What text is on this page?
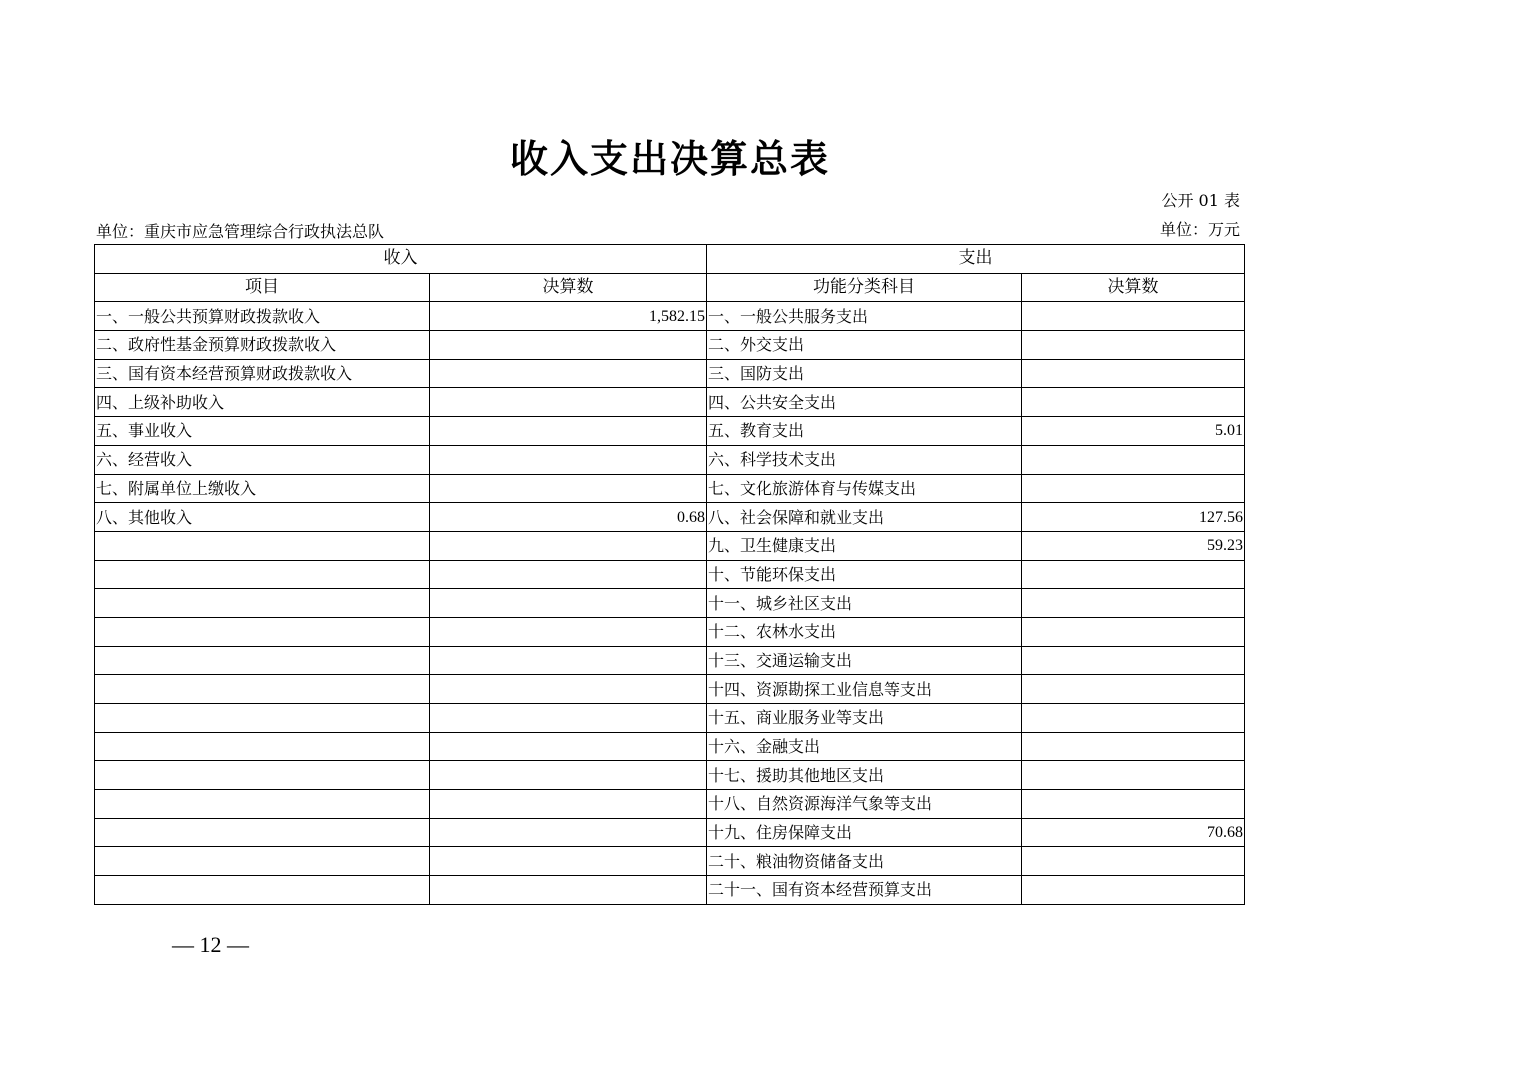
收入支出决算总表
公开 01 表
单位：重庆市应急管理综合行政执法总队	单位：万元
收入		支出	
项目	决算数	功能分类科目	决算数
一、一般公共预算财政拨款收入	1,582.15	一、一般公共服务支出	
二、政府性基金预算财政拨款收入		二、外交支出	
三、国有资本经营预算财政拨款收入		三、国防支出	
四、上级补助收入		四、公共安全支出	
五、事业收入		五、教育支出	5.01
六、经营收入		六、科学技术支出	
七、附属单位上缴收入		七、文化旅游体育与传媒支出	
八、其他收入	0.68	八、社会保障和就业支出	127.56
		九、卫生健康支出	59.23
		十、节能环保支出	
		十一、城乡社区支出	
		十二、农林水支出	
		十三、交通运输支出	
		十四、资源勘探工业信息等支出	
		十五、商业服务业等支出	
		十六、金融支出	
		十七、援助其他地区支出	
		十八、自然资源海洋气象等支出	
		十九、住房保障支出	70.68
		二十、粮油物资储备支出	
		二十一、国有资本经营预算支出	
— 12 —
